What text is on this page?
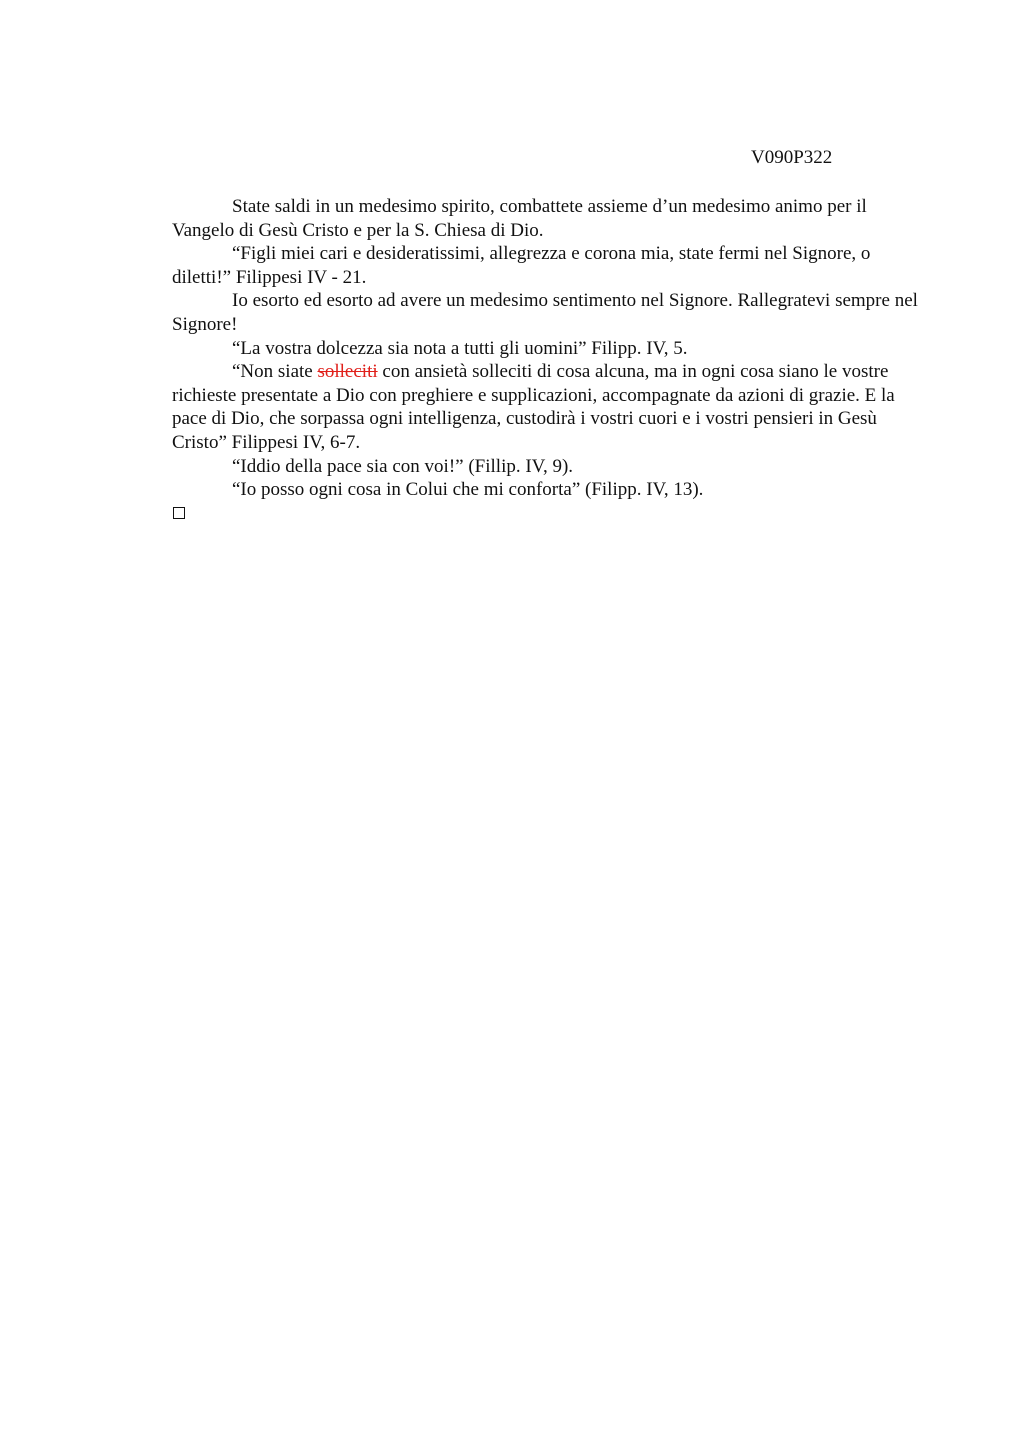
V090P322

State saldi in un medesimo spirito, combattete assieme d’un medesimo animo per il Vangelo di Gesù Cristo e per la S. Chiesa di Dio.

“Figli miei cari e desideratissimi, allegrezza e corona mia, state fermi nel Signore, o diletti!” Filippesi IV - 21.

Io esorto ed esorto ad avere un medesimo sentimento nel Signore. Rallegratevi sempre nel Signore!

“La vostra dolcezza sia nota a tutti gli uomini” Filipp. IV, 5.

“Non siate solleciti con ansietà solleciti di cosa alcuna, ma in ogni cosa siano le vostre richieste presentate a Dio con preghiere e supplicazioni, accompagnate da azioni di grazie. E la pace di Dio, che sorpassa ogni intelligenza, custodirà i vostri cuori e i vostri pensieri in Gesù Cristo” Filippesi IV, 6-7.

“Iddio della pace sia con voi!” (Fillip. IV, 9).

“Io posso ogni cosa in Colui che mi conforta” (Filipp. IV, 13).
